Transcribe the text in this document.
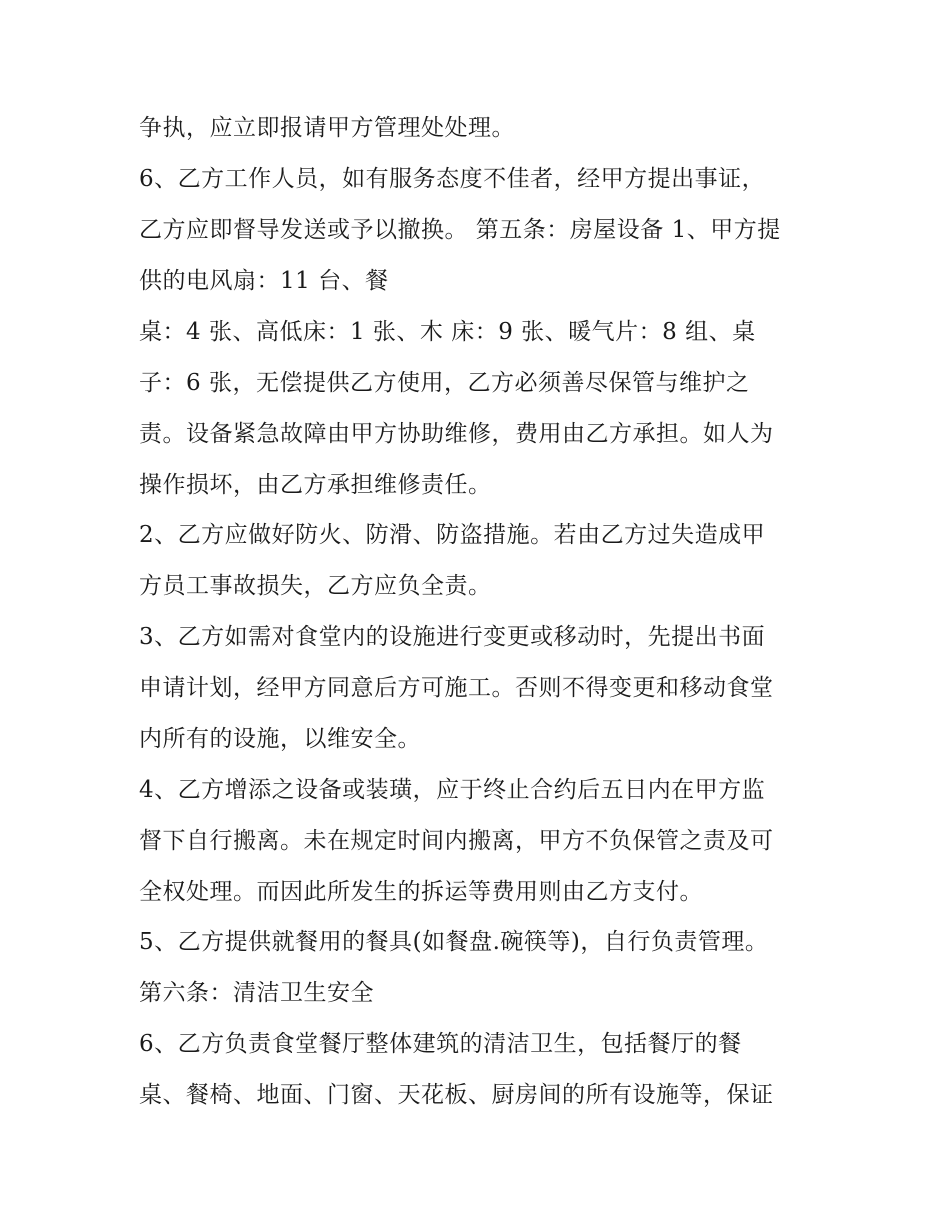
争执，应立即报请甲方管理处处理。
6、乙方工作人员，如有服务态度不佳者，经甲方提出事证，
乙方应即督导发送或予以撤换。 第五条：房屋设备 1、甲方提
供的电风扇：11 台、餐
桌：4 张、高低床：1 张、木 床：9 张、暖气片：8 组、桌
子：6 张，无偿提供乙方使用，乙方必须善尽保管与维护之
责。设备紧急故障由甲方协助维修，费用由乙方承担。如人为
操作损坏，由乙方承担维修责任。
2、乙方应做好防火、防滑、防盗措施。若由乙方过失造成甲
方员工事故损失，乙方应负全责。
3、乙方如需对食堂内的设施进行变更或移动时，先提出书面
申请计划，经甲方同意后方可施工。否则不得变更和移动食堂
内所有的设施，以维安全。
4、乙方增添之设备或装璜，应于终止合约后五日内在甲方监
督下自行搬离。未在规定时间内搬离，甲方不负保管之责及可
全权处理。而因此所发生的拆运等费用则由乙方支付。
5、乙方提供就餐用的餐具(如餐盘.碗筷等)，自行负责管理。
第六条：清洁卫生安全
6、乙方负责食堂餐厅整体建筑的清洁卫生，包括餐厅的餐
桌、餐椅、地面、门窗、天花板、厨房间的所有设施等，保证
